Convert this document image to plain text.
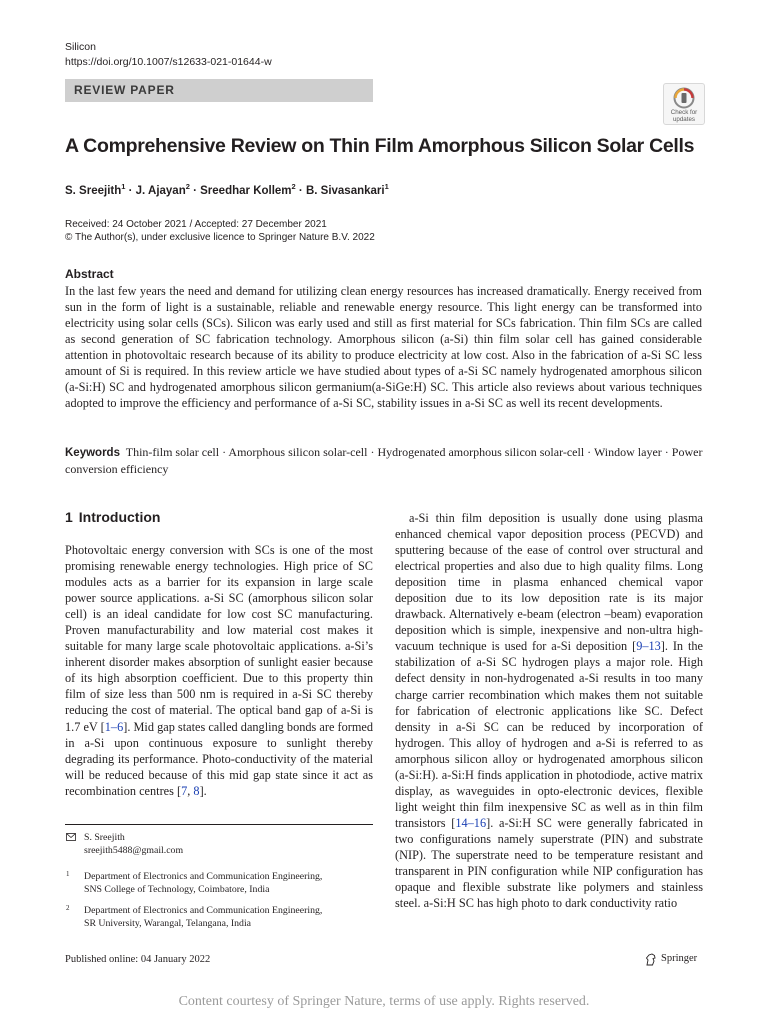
Silicon
https://doi.org/10.1007/s12633-021-01644-w
REVIEW PAPER
Check for
updates
A Comprehensive Review on Thin Film Amorphous Silicon Solar Cells
S. Sreejith$^1$ · J. Ajayan$^2$ · Sreedhar Kollem$^2$ · B. Sivasankari$^1$
Received: 24 October 2021 / Accepted: 27 December 2021
© The Author(s), under exclusive licence to Springer Nature B.V. 2022
Abstract

In the last few years the need and demand for utilizing clean energy resources has increased dramatically. Energy received from sun in the form of light is a sustainable, reliable and renewable energy resource. This light energy can be transformed into electricity using solar cells (SCs). Silicon was early used and still as first material for SCs fabrication. Thin film SCs are called as second generation of SC fabrication technology. Amorphous silicon (a-Si) thin film solar cell has gained considerable attention in photovoltaic research because of its ability to produce electricity at low cost. Also in the fabrication of a-Si SC less amount of Si is required. In this review article we have studied about types of a-Si SC namely hydrogenated amorphous silicon (a-Si:H) SC and hydrogenated amorphous silicon germanium(a-SiGe:H) SC. This article also reviews about various techniques adopted to improve the efficiency and performance of a-Si SC, stability issues in a-Si SC as well its recent developments.

Keywords Thin-film solar cell · Amorphous silicon solar-cell · Hydrogenated amorphous silicon solar-cell · Window layer · Power conversion efficiency
1 Introduction
Photovoltaic energy conversion with SCs is one of the most promising renewable energy technologies. High price of SC modules acts as a barrier for its expansion in large scale power source applications. a-Si SC (amorphous silicon solar cell) is an ideal candidate for low cost SC manufacturing. Proven manufacturability and low material cost makes it suitable for many large scale photovoltaic applications. a-Si’s inherent disorder makes absorption of sunlight easier because of its high absorption coefficient. Due to this property thin film of size less than 500 nm is required in a-Si SC thereby reducing the cost of material. The optical band gap of a-Si is 1.7 eV [1–6]. Mid gap states called dangling bonds are formed in a-Si upon continuous exposure to sunlight thereby degrading its performance. Photo-conductivity of the material will be reduced because of this mid gap state since it act as recombination centres [7, 8].
a-Si thin film deposition is usually done using plasma enhanced chemical vapor deposition process (PECVD) and sputtering because of the ease of control over structural and electrical properties and also due to high quality films. Long deposition time in plasma enhanced chemical vapor deposition due to its low deposition rate is its major drawback. Alternatively e-beam (electron –beam) evaporation deposition which is simple, inexpensive and non-ultra high-vacuum technique is used for a-Si deposition [9–13]. In the stabilization of a-Si SC hydrogen plays a major role. High defect density in non-hydrogenated a-Si results in too many charge carrier recombination which makes them not suitable for fabrication of electronic applications like SC. Defect density in a-Si SC can be reduced by incorporation of hydrogen. This alloy of hydrogen and a-Si is referred to as amorphous silicon alloy or hydrogenated amorphous silicon (a-Si:H). a-Si:H finds application in photodiode, active matrix display, as waveguides in opto-electronic devices, flexible light weight thin film inexpensive SC as well as in thin film transistors [14–16]. a-Si:H SC were generally fabricated in two configurations namely superstrate (PIN) and substrate (NIP). The superstrate need to be temperature resistant and transparent in PIN configuration while NIP configuration has opaque and flexible substrate like polymers and stainless steel. a-Si:H SC has high photo to dark conductivity ratio
S. Sreejith
sreejith5488@gmail.com
1 Department of Electronics and Communication Engineering,
SNS College of Technology, Coimbatore, India
2 Department of Electronics and Communication Engineering,
SR University, Warangal, Telangana, India
Published online: 04 January 2022	Springer
Content courtesy of Springer Nature, terms of use apply. Rights reserved.
